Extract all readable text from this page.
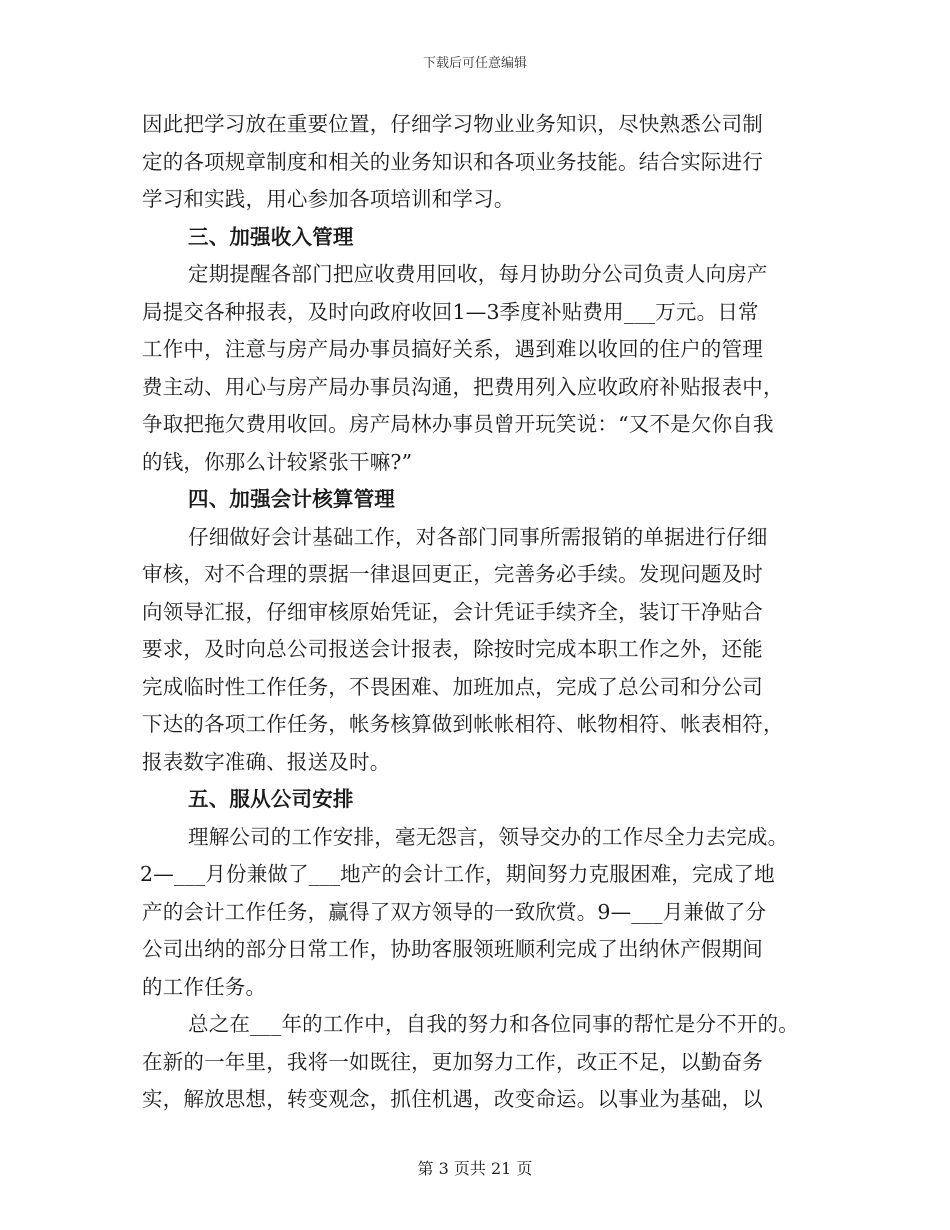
下载后可任意编辑
因此把学习放在重要位置，仔细学习物业业务知识，尽快熟悉公司制
定的各项规章制度和相关的业务知识和各项业务技能。结合实际进行
学习和实践，用心参加各项培训和学习。
三、加强收入管理
定期提醒各部门把应收费用回收，每月协助分公司负责人向房产
局提交各种报表，及时向政府收回1—3季度补贴费用___万元。日常
工作中，注意与房产局办事员搞好关系，遇到难以收回的住户的管理
费主动、用心与房产局办事员沟通，把费用列入应收政府补贴报表中，
争取把拖欠费用收回。房产局林办事员曾开玩笑说：“又不是欠你自我
的钱，你那么计较紧张干嘛?”
四、加强会计核算管理
仔细做好会计基础工作，对各部门同事所需报销的单据进行仔细
审核，对不合理的票据一律退回更正，完善务必手续。发现问题及时
向领导汇报，仔细审核原始凭证，会计凭证手续齐全，装订干净贴合
要求，及时向总公司报送会计报表，除按时完成本职工作之外，还能
完成临时性工作任务，不畏困难、加班加点，完成了总公司和分公司
下达的各项工作任务，帐务核算做到帐帐相符、帐物相符、帐表相符，
报表数字准确、报送及时。
五、服从公司安排
理解公司的工作安排，毫无怨言，领导交办的工作尽全力去完成。
2—___月份兼做了___地产的会计工作，期间努力克服困难，完成了地
产的会计工作任务，赢得了双方领导的一致欣赏。9—___月兼做了分
公司出纳的部分日常工作，协助客服领班顺利完成了出纳休产假期间
的工作任务。
总之在___年的工作中，自我的努力和各位同事的帮忙是分不开的。
在新的一年里，我将一如既往，更加努力工作，改正不足，以勤奋务
实，解放思想，转变观念，抓住机遇，改变命运。以事业为基础，以
第 3 页共 21 页
